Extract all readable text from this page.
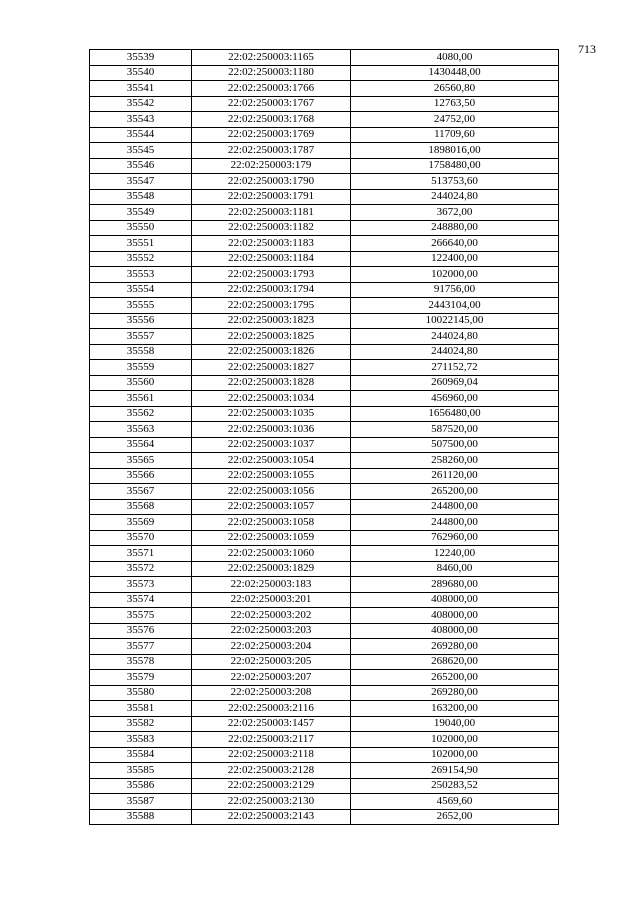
713
35539	22:02:250003:1165	4080,00
35540	22:02:250003:1180	1430448,00
35541	22:02:250003:1766	26560,80
35542	22:02:250003:1767	12763,50
35543	22:02:250003:1768	24752,00
35544	22:02:250003:1769	11709,60
35545	22:02:250003:1787	1898016,00
35546	22:02:250003:179	1758480,00
35547	22:02:250003:1790	513753,60
35548	22:02:250003:1791	244024,80
35549	22:02:250003:1181	3672,00
35550	22:02:250003:1182	248880,00
35551	22:02:250003:1183	266640,00
35552	22:02:250003:1184	122400,00
35553	22:02:250003:1793	102000,00
35554	22:02:250003:1794	91756,00
35555	22:02:250003:1795	2443104,00
35556	22:02:250003:1823	10022145,00
35557	22:02:250003:1825	244024,80
35558	22:02:250003:1826	244024,80
35559	22:02:250003:1827	271152,72
35560	22:02:250003:1828	260969,04
35561	22:02:250003:1034	456960,00
35562	22:02:250003:1035	1656480,00
35563	22:02:250003:1036	587520,00
35564	22:02:250003:1037	507500,00
35565	22:02:250003:1054	258260,00
35566	22:02:250003:1055	261120,00
35567	22:02:250003:1056	265200,00
35568	22:02:250003:1057	244800,00
35569	22:02:250003:1058	244800,00
35570	22:02:250003:1059	762960,00
35571	22:02:250003:1060	12240,00
35572	22:02:250003:1829	8460,00
35573	22:02:250003:183	289680,00
35574	22:02:250003:201	408000,00
35575	22:02:250003:202	408000,00
35576	22:02:250003:203	408000,00
35577	22:02:250003:204	269280,00
35578	22:02:250003:205	268620,00
35579	22:02:250003:207	265200,00
35580	22:02:250003:208	269280,00
35581	22:02:250003:2116	163200,00
35582	22:02:250003:1457	19040,00
35583	22:02:250003:2117	102000,00
35584	22:02:250003:2118	102000,00
35585	22:02:250003:2128	269154,90
35586	22:02:250003:2129	250283,52
35587	22:02:250003:2130	4569,60
35588	22:02:250003:2143	2652,00
